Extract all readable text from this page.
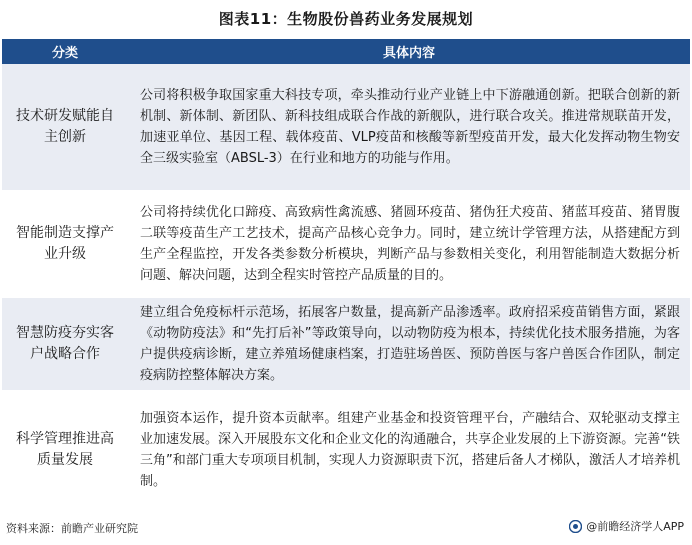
图表11：生物股份兽药业务发展规划

分类	具体内容
技术研发赋能自主创新
公司将积极争取国家重大科技专项，牵头推动行业产业链上中下游融通创新。把联合创新的新机制、新体制、新团队、新科技组成联合作战的新舰队，进行联合攻关。推进常规联苗开发，加速亚单位、基因工程、载体疫苗、VLP疫苗和核酸等新型疫苗开发，最大化发挥动物生物安全三级实验室（ABSL-3）在行业和地方的功能与作用。
智能制造支撑产业升级
公司将持续优化口蹄疫、高致病性禽流感、猪圆环疫苗、猪伪狂犬疫苗、猪蓝耳疫苗、猪胃腹二联等疫苗生产工艺技术，提高产品核心竞争力。同时，建立统计学管理方法，从搭建配方到生产全程监控，开发各类参数分析模块，判断产品与参数相关变化，利用智能制造大数据分析问题、解决问题，达到全程实时管控产品质量的目的。
智慧防疫夯实客户战略合作
建立组合免疫标杆示范场，拓展客户数量，提高新产品渗透率。政府招采疫苗销售方面，紧跟《动物防疫法》和“先打后补”等政策导向，以动物防疫为根本，持续优化技术服务措施，为客户提供疫病诊断，建立养殖场健康档案，打造驻场兽医、预防兽医与客户兽医合作团队，制定疫病防控整体解决方案。
科学管理推进高质量发展
加强资本运作，提升资本贡献率。组建产业基金和投资管理平台，产融结合、双轮驱动支撑主业加速发展。深入开展股东文化和企业文化的沟通融合，共享企业发展的上下游资源。完善“铁三角”和部门重大专项项目机制，实现人力资源职责下沉，搭建后备人才梯队，激活人才培养机制。
资料来源：前瞻产业研究院	@前瞻经济学人APP
